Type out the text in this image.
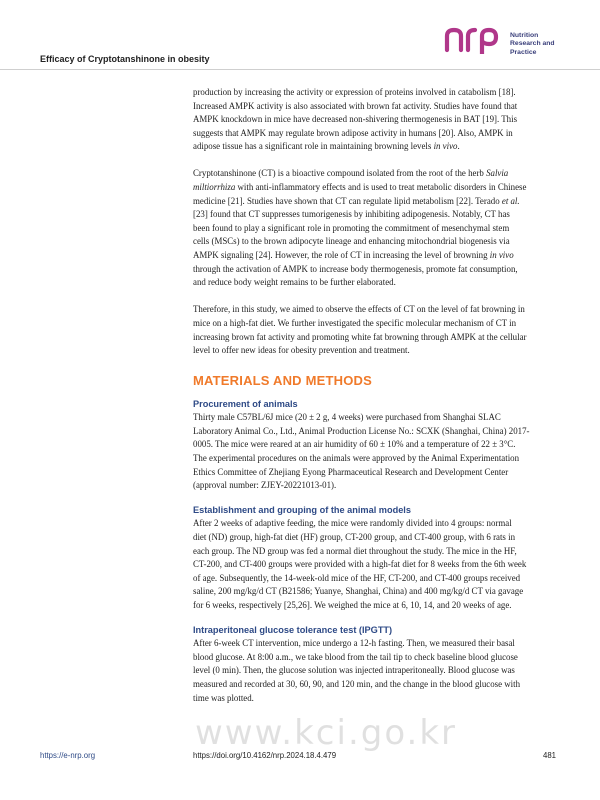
Efficacy of Cryptotanshinone in obesity
Nutrition
Research and
Practice
production by increasing the activity or expression of proteins involved in catabolism [18].
Increased AMPK activity is also associated with brown fat activity. Studies have found that
AMPK knockdown in mice have decreased non-shivering thermogenesis in BAT [19]. This
suggests that AMPK may regulate brown adipose activity in humans [20]. Also, AMPK in
adipose tissue has a significant role in maintaining browning levels in vivo.
Cryptotanshinone (CT) is a bioactive compound isolated from the root of the herb Salvia
miltiorrhiza with anti-inflammatory effects and is used to treat metabolic disorders in Chinese
medicine [21]. Studies have shown that CT can regulate lipid metabolism [22]. Terado et al.
[23] found that CT suppresses tumorigenesis by inhibiting adipogenesis. Notably, CT has
been found to play a significant role in promoting the commitment of mesenchymal stem
cells (MSCs) to the brown adipocyte lineage and enhancing mitochondrial biogenesis via
AMPK signaling [24]. However, the role of CT in increasing the level of browning in vivo
through the activation of AMPK to increase body thermogenesis, promote fat consumption,
and reduce body weight remains to be further elaborated.
Therefore, in this study, we aimed to observe the effects of CT on the level of fat browning in
mice on a high-fat diet. We further investigated the specific molecular mechanism of CT in
increasing brown fat activity and promoting white fat browning through AMPK at the cellular
level to offer new ideas for obesity prevention and treatment.
MATERIALS AND METHODS
Procurement of animals
Thirty male C57BL/6J mice (20 ± 2 g, 4 weeks) were purchased from Shanghai SLAC
Laboratory Animal Co., Ltd., Animal Production License No.: SCXK (Shanghai, China) 2017-
0005. The mice were reared at an air humidity of 60 ± 10% and a temperature of 22 ± 3°C.
The experimental procedures on the animals were approved by the Animal Experimentation
Ethics Committee of Zhejiang Eyong Pharmaceutical Research and Development Center
(approval number: ZJEY-20221013-01).
Establishment and grouping of the animal models
After 2 weeks of adaptive feeding, the mice were randomly divided into 4 groups: normal
diet (ND) group, high-fat diet (HF) group, CT-200 group, and CT-400 group, with 6 rats in
each group. The ND group was fed a normal diet throughout the study. The mice in the HF,
CT-200, and CT-400 groups were provided with a high-fat diet for 8 weeks from the 6th week
of age. Subsequently, the 14-week-old mice of the HF, CT-200, and CT-400 groups received
saline, 200 mg/kg/d CT (B21586; Yuanye, Shanghai, China) and 400 mg/kg/d CT via gavage
for 6 weeks, respectively [25,26]. We weighed the mice at 6, 10, 14, and 20 weeks of age.
Intraperitoneal glucose tolerance test (IPGTT)
After 6-week CT intervention, mice undergo a 12-h fasting. Then, we measured their basal
blood glucose. At 8:00 a.m., we take blood from the tail tip to check baseline blood glucose
level (0 min). Then, the glucose solution was injected intraperitoneally. Blood glucose was
measured and recorded at 30, 60, 90, and 120 min, and the change in the blood glucose with
time was plotted.
www.kci.go.kr
https://e-nrp.org	https://doi.org/10.4162/nrp.2024.18.4.479	481
